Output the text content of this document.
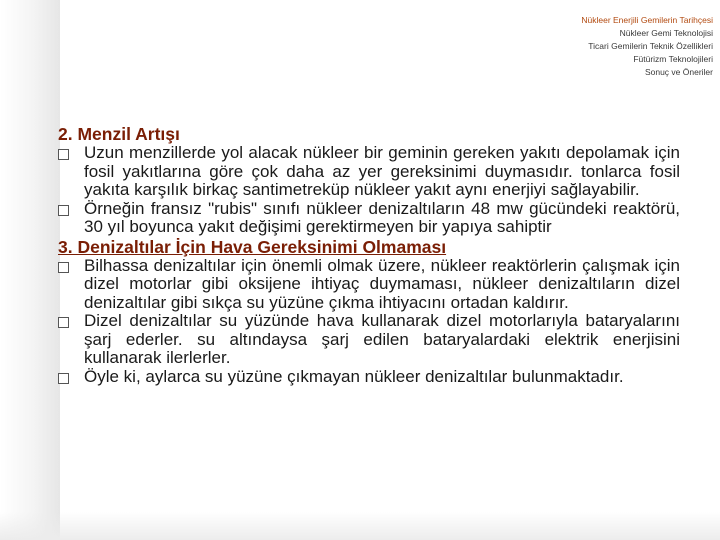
Nükleer Enerjili Gemilerin Tarihçesi
Nükleer Gemi Teknolojisi
Ticari Gemilerin Teknik Özellikleri
Fütürizm Teknolojileri
Sonuç ve Öneriler
2. Menzil Artışı
Uzun menzillerde yol alacak nükleer bir geminin gereken yakıtı depolamak için fosil yakıtlarına göre çok daha az yer gereksinimi duymasıdır. tonlarca fosil yakıta karşılık birkaç santimetreküp nükleer yakıt aynı enerjiyi sağlayabilir.
Örneğin fransız "rubis" sınıfı nükleer denizaltıların 48 mw gücündeki reaktörü, 30 yıl boyunca yakıt değişimi gerektirmeyen bir yapıya sahiptir
3. Denizaltılar İçin Hava Gereksinimi Olmaması
Bilhassa denizaltılar için önemli olmak üzere, nükleer reaktörlerin çalışmak için dizel motorlar gibi oksijene ihtiyaç duymaması, nükleer denizaltıların dizel denizaltılar gibi sıkça su yüzüne çıkma ihtiyacını ortadan kaldırır.
Dizel denizaltılar su yüzünde hava kullanarak dizel motorlarıyla bataryalarını şarj ederler. su altındaysa şarj edilen bataryalardaki elektrik enerjisini kullanarak ilerlerler.
Öyle ki, aylarca su yüzüne çıkmayan nükleer denizaltılar bulunmaktadır.
